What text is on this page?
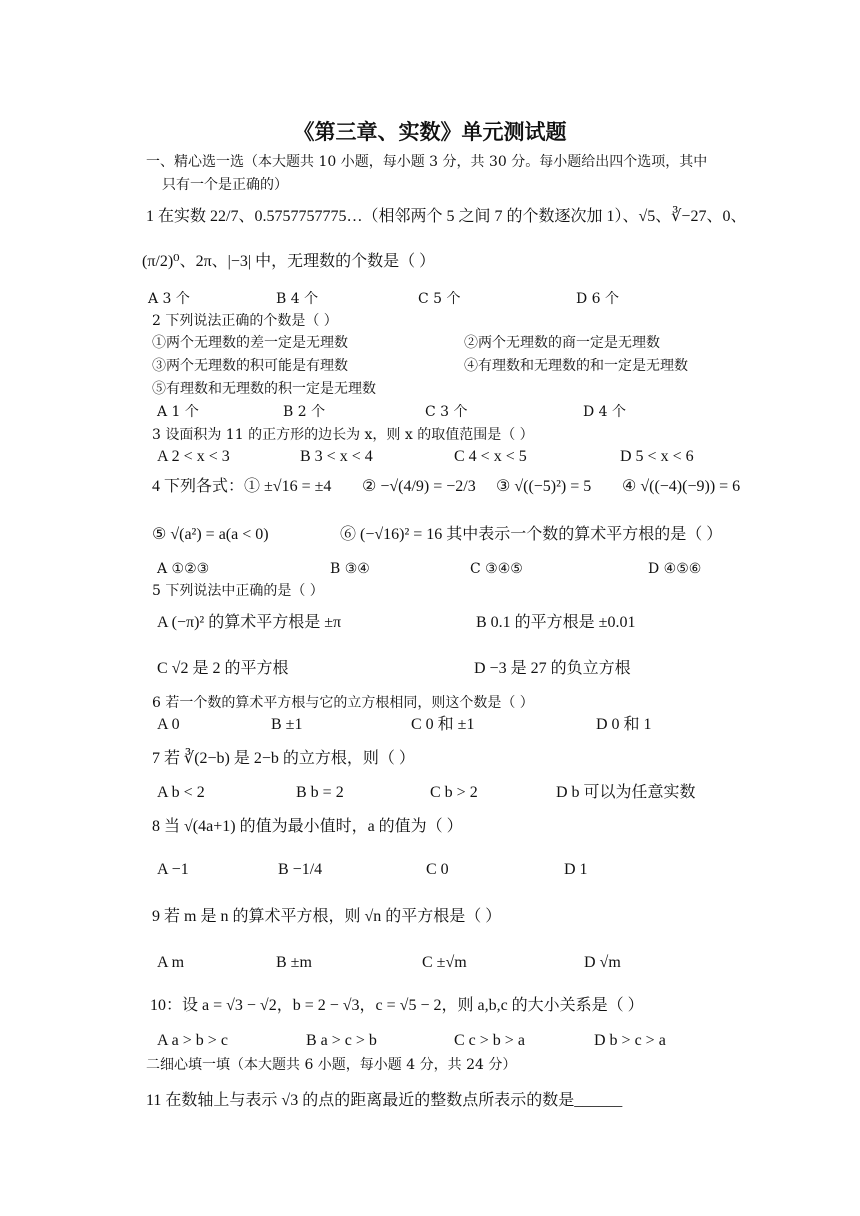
《第三章、实数》单元测试题
一、精心选一选（本大题共 10 小题，每小题 3 分，共 30 分。每小题给出四个选项，其中
只有一个是正确的）
1 在实数 22/7、0.5757757775…（相邻两个 5 之间 7 的个数逐次加 1）、√5、∛−27、0、
(π/2)⁰、2π、|−3| 中，无理数的个数是（ ）
A 3 个	B 4 个	C 5 个	D 6 个
2 下列说法正确的个数是（ ）
①两个无理数的差一定是无理数	②两个无理数的商一定是无理数
③两个无理数的积可能是有理数	④有理数和无理数的和一定是无理数
⑤有理数和无理数的积一定是无理数
A 1 个	B 2 个	C 3 个	D 4 个
3 设面积为 11 的正方形的边长为 x，则 x 的取值范围是（ ）
A 2 < x < 3	B 3 < x < 4	C 4 < x < 5	D 5 < x < 6
4 下列各式：① ±√16 = ±4 ② −√(4/9) = −2/3 ③ √((−5)²) = 5 ④ √((−4)(−9)) = 6
⑤ √(a²) = a(a < 0)	⑥ (−√16)² = 16 其中表示一个数的算术平方根的是（ ）
A ①②③	B ③④	C ③④⑤	D ④⑤⑥
5 下列说法中正确的是（ ）
A (−π)² 的算术平方根是 ±π	B 0.1 的平方根是 ±0.01
C √2 是 2 的平方根	D −3 是 27 的负立方根
6 若一个数的算术平方根与它的立方根相同，则这个数是（ ）
A 0	B ±1	C 0 和 ±1	D 0 和 1
7 若 ∛(2−b) 是 2−b 的立方根，则（ ）
A b < 2	B b = 2	C b > 2	D b 可以为任意实数
8 当 √(4a+1) 的值为最小值时，a 的值为（ ）
A −1	B −1/4	C 0	D 1
9 若 m 是 n 的算术平方根，则 √n 的平方根是（ ）
A m	B ±m	C ±√m	D √m
10：设 a = √3 − √2，b = 2 − √3，c = √5 − 2，则 a,b,c 的大小关系是（ ）
A a > b > c	B a > c > b	C c > b > a	D b > c > a
二细心填一填（本大题共 6 小题，每小题 4 分，共 24 分）
11 在数轴上与表示 √3 的点的距离最近的整数点所表示的数是______
